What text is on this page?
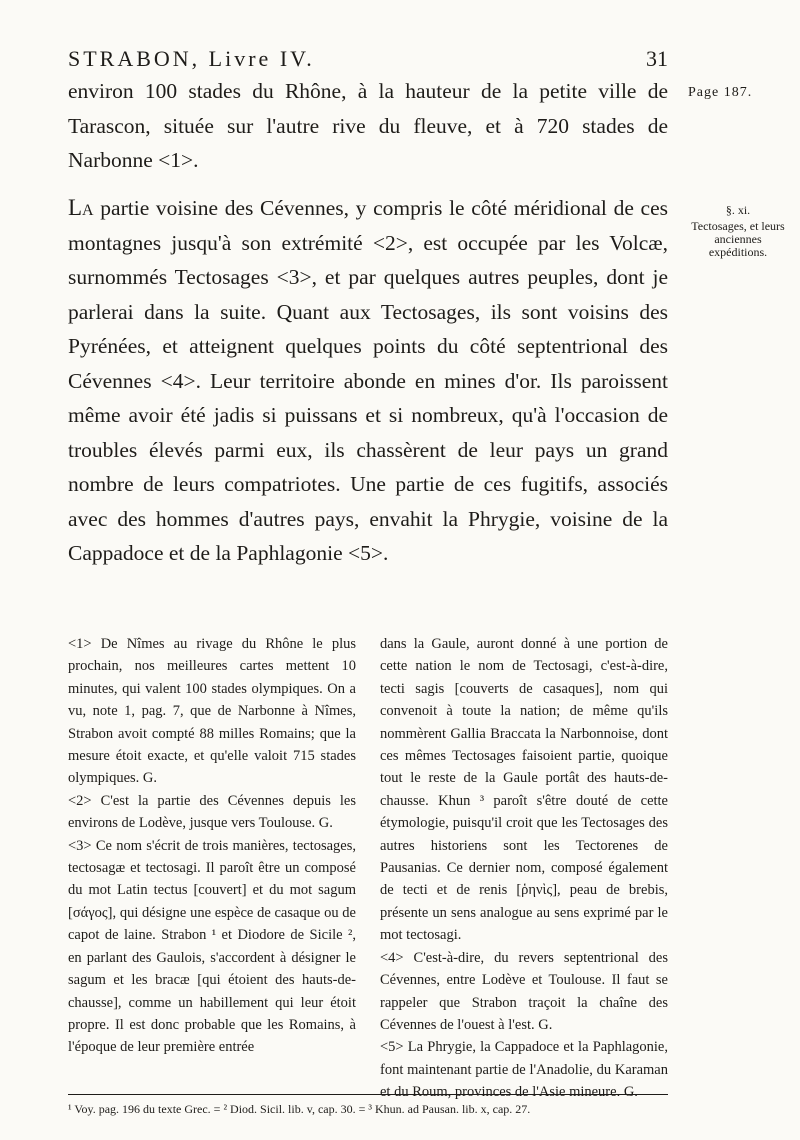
STRABON, Livre IV.	31
Page 187.
§. xi.
Tectosages, et leurs anciennes expéditions.

environ 100 stades du Rhône, à la hauteur de la petite ville de Tarascon, située sur l'autre rive du fleuve, et à 720 stades de Narbonne <1>.

La partie voisine des Cévennes, y compris le côté méridional de ces montagnes jusqu'à son extrémité <2>, est occupée par les Volcæ, surnommés Tectosages <3>, et par quelques autres peuples, dont je parlerai dans la suite. Quant aux Tectosages, ils sont voisins des Pyrénées, et atteignent quelques points du côté septentrional des Cévennes <4>. Leur territoire abonde en mines d'or. Ils paroissent même avoir été jadis si puissans et si nombreux, qu'à l'occasion de troubles élevés parmi eux, ils chassèrent de leur pays un grand nombre de leurs compatriotes. Une partie de ces fugitifs, associés avec des hommes d'autres pays, envahit la Phrygie, voisine de la Cappadoce et de la Paphlagonie <5>.

<1> De Nîmes au rivage du Rhône le plus prochain, nos meilleures cartes mettent 10 minutes, qui valent 100 stades olympiques. On a vu, note 1, pag. 7, que de Narbonne à Nîmes, Strabon avoit compté 88 milles Romains; que la mesure étoit exacte, et qu'elle valoit 715 stades olympiques. G.

<2> C'est la partie des Cévennes depuis les environs de Lodève, jusque vers Toulouse. G.

<3> Ce nom s'écrit de trois manières, tectosages, tectosagæ et tectosagi. Il paroît être un composé du mot Latin tectus [couvert] et du mot sagum [σάγος], qui désigne une espèce de casaque ou de capot de laine. Strabon ¹ et Diodore de Sicile ², en parlant des Gaulois, s'accordent à désigner le sagum et les bracæ [qui étoient des hauts-de-chausse], comme un habillement qui leur étoit propre. Il est donc probable que les Romains, à l'époque de leur première entrée

dans la Gaule, auront donné à une portion de cette nation le nom de Tectosagi, c'est-à-dire, tecti sagis [couverts de casaques], nom qui convenoit à toute la nation; de même qu'ils nommèrent Gallia Braccata la Narbonnoise, dont ces mêmes Tectosages faisoient partie, quoique tout le reste de la Gaule portât des hauts-de-chausse. Khun ³ paroît s'être douté de cette étymologie, puisqu'il croit que les Tectosages des autres historiens sont les Tectorenes de Pausanias. Ce dernier nom, composé également de tecti et de renis [ῥηνὶς], peau de brebis, présente un sens analogue au sens exprimé par le mot tectosagi.

<4> C'est-à-dire, du revers septentrional des Cévennes, entre Lodève et Toulouse. Il faut se rappeler que Strabon traçoit la chaîne des Cévennes de l'ouest à l'est. G.

<5> La Phrygie, la Cappadoce et la Paphlagonie, font maintenant partie de l'Anadolie, du Karaman et du Roum, provinces de l'Asie mineure. G.

¹ Voy. pag. 196 du texte Grec. = ² Diod. Sicil. lib. v, cap. 30. = ³ Khun. ad Pausan. lib. x, cap. 27.
